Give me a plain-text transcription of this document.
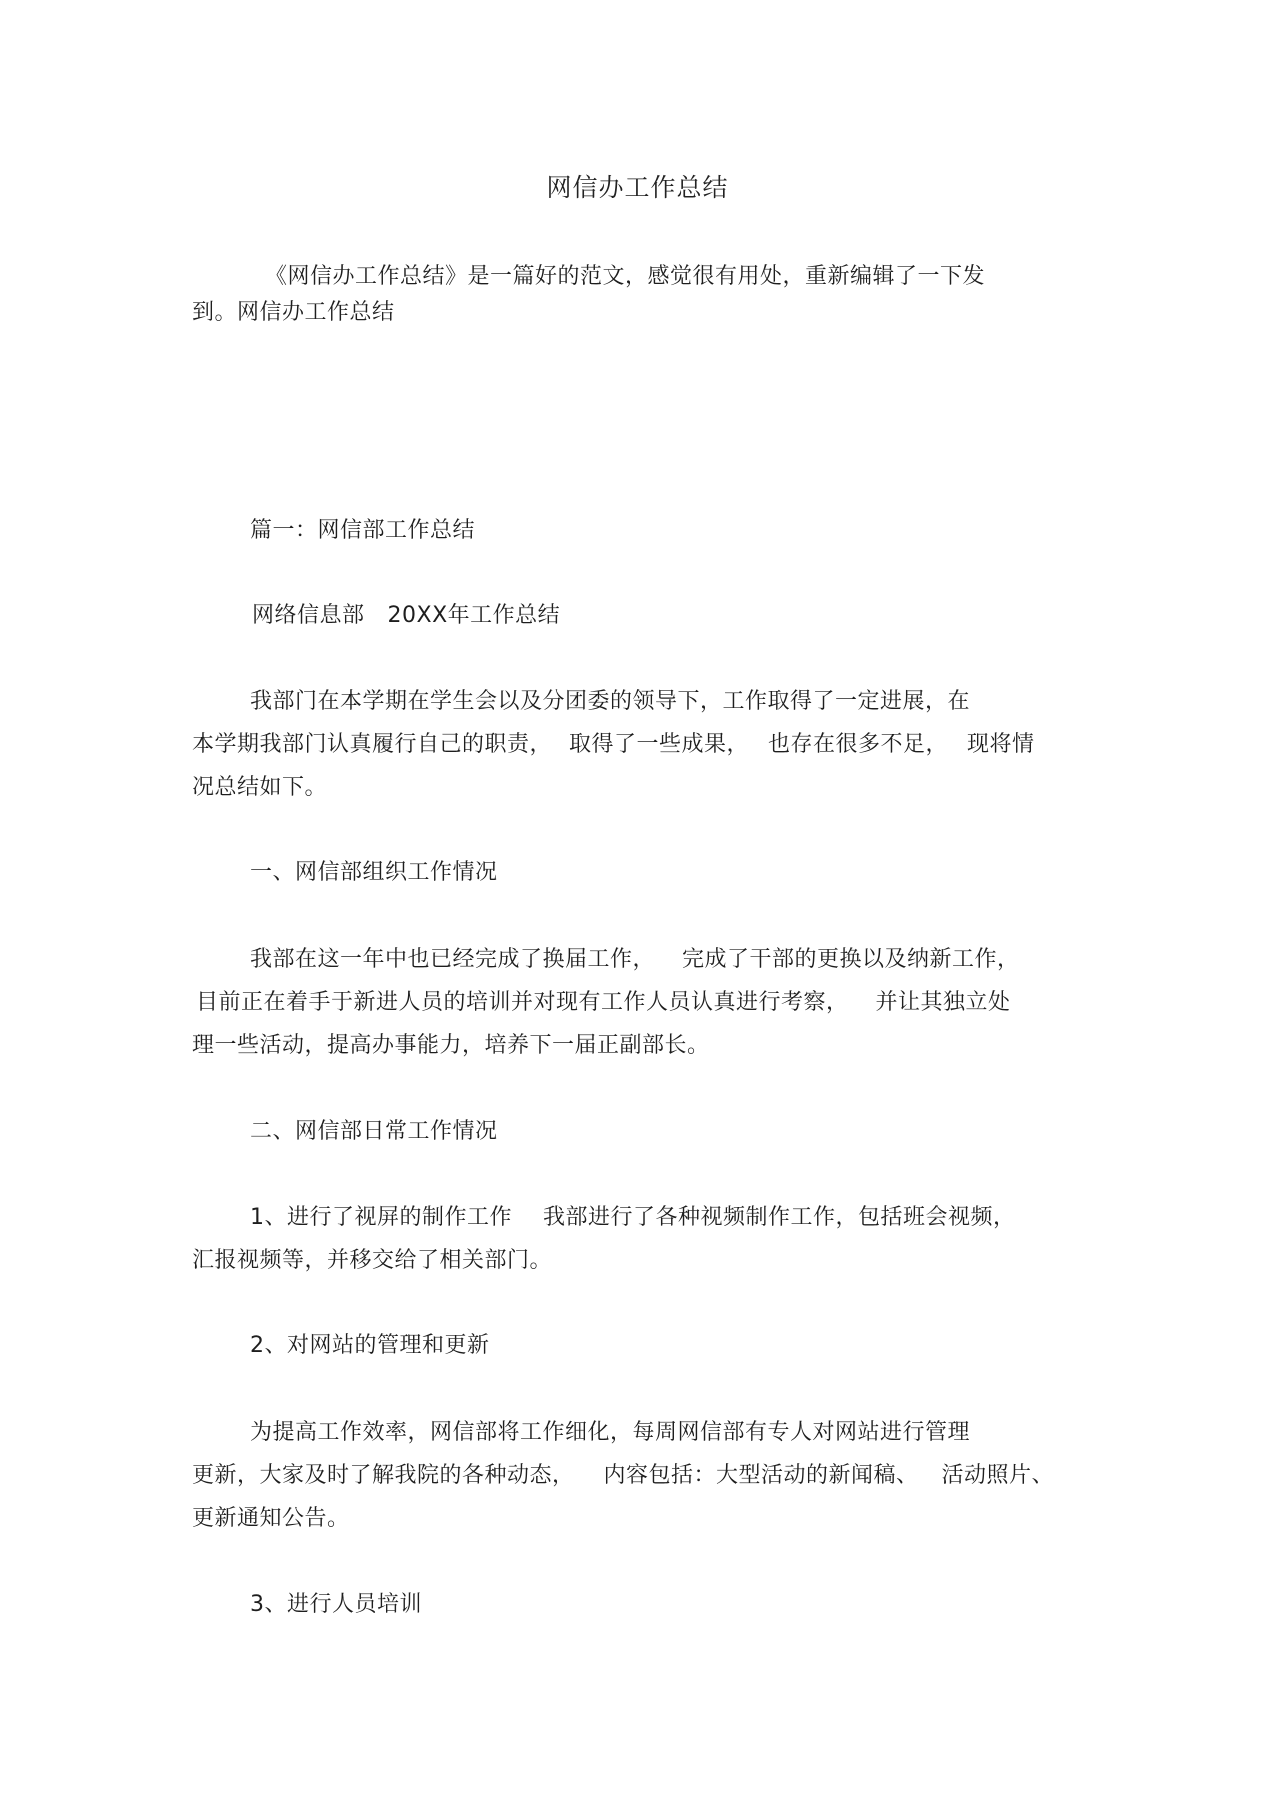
网信办工作总结
《网信办工作总结》是一篇好的范文，感觉很有用处，重新编辑了一下发
到。网信办工作总结
篇一：网信部工作总结
网络信息部 20XX年工作总结
我部门在本学期在学生会以及分团委的领导下，工作取得了一定进展，在
本学期我部门认真履行自己的职责， 取得了一些成果， 也存在很多不足， 现将情
况总结如下。
一、网信部组织工作情况
我部在这一年中也已经完成了换届工作， 完成了干部的更换以及纳新工作，
目前正在着手于新进人员的培训并对现有工作人员认真进行考察， 并让其独立处
理一些活动，提高办事能力，培养下一届正副部长。
二、网信部日常工作情况
1、进行了视屏的制作工作 我部进行了各种视频制作工作，包括班会视频，
汇报视频等，并移交给了相关部门。
2、对网站的管理和更新
为提高工作效率，网信部将工作细化，每周网信部有专人对网站进行管理
更新，大家及时了解我院的各种动态， 内容包括：大型活动的新闻稿、 活动照片、
更新通知公告。
3、进行人员培训
